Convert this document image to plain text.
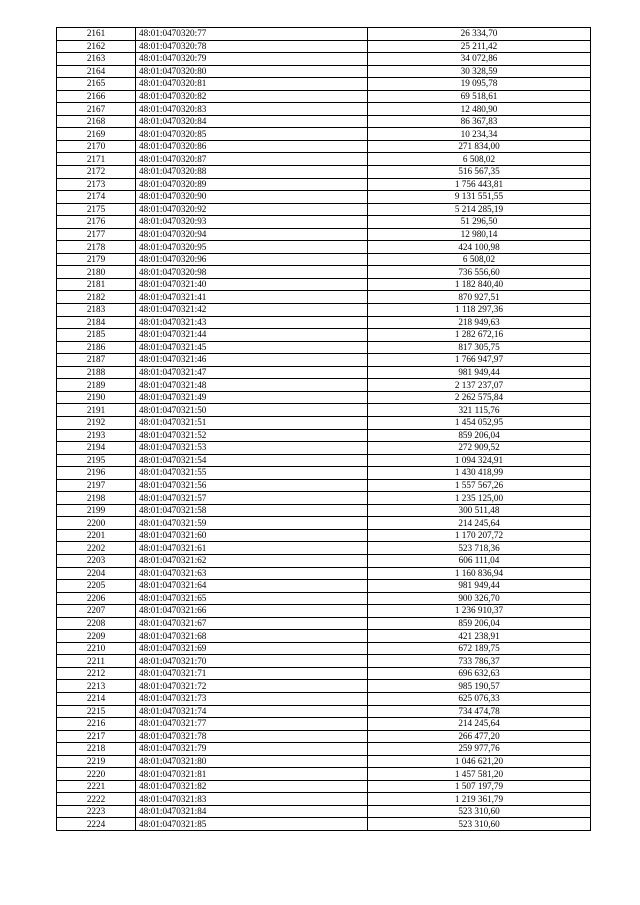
2161	48:01:0470320:77	26 334,70
2162	48:01:0470320:78	25 211,42
2163	48:01:0470320:79	34 072,86
2164	48:01:0470320:80	30 328,59
2165	48:01:0470320:81	19 095,78
2166	48:01:0470320:82	69 518,61
2167	48:01:0470320:83	12 480,90
2168	48:01:0470320:84	86 367,83
2169	48:01:0470320:85	10 234,34
2170	48:01:0470320:86	271 834,00
2171	48:01:0470320:87	6 508,02
2172	48:01:0470320:88	516 567,35
2173	48:01:0470320:89	1 756 443,81
2174	48:01:0470320:90	9 131 551,55
2175	48:01:0470320:92	5 214 285,19
2176	48:01:0470320:93	51 296,50
2177	48:01:0470320:94	12 980,14
2178	48:01:0470320:95	424 100,98
2179	48:01:0470320:96	6 508,02
2180	48:01:0470320:98	736 556,60
2181	48:01:0470321:40	1 182 840,40
2182	48:01:0470321:41	870 927,51
2183	48:01:0470321:42	1 118 297,36
2184	48:01:0470321:43	218 949,63
2185	48:01:0470321:44	1 282 672,16
2186	48:01:0470321:45	817 305,75
2187	48:01:0470321:46	1 766 947,97
2188	48:01:0470321:47	981 949,44
2189	48:01:0470321:48	2 137 237,07
2190	48:01:0470321:49	2 262 575,84
2191	48:01:0470321:50	321 115,76
2192	48:01:0470321:51	1 454 052,95
2193	48:01:0470321:52	859 206,04
2194	48:01:0470321:53	272 909,52
2195	48:01:0470321:54	1 094 324,91
2196	48:01:0470321:55	1 430 418,99
2197	48:01:0470321:56	1 557 567,26
2198	48:01:0470321:57	1 235 125,00
2199	48:01:0470321:58	300 511,48
2200	48:01:0470321:59	214 245,64
2201	48:01:0470321:60	1 170 207,72
2202	48:01:0470321:61	523 718,36
2203	48:01:0470321:62	606 111,04
2204	48:01:0470321:63	1 160 836,94
2205	48:01:0470321:64	981 949,44
2206	48:01:0470321:65	900 326,70
2207	48:01:0470321:66	1 236 910,37
2208	48:01:0470321:67	859 206,04
2209	48:01:0470321:68	421 238,91
2210	48:01:0470321:69	672 189,75
2211	48:01:0470321:70	733 786,37
2212	48:01:0470321:71	696 632,63
2213	48:01:0470321:72	985 190,57
2214	48:01:0470321:73	625 076,33
2215	48:01:0470321:74	734 474,78
2216	48:01:0470321:77	214 245,64
2217	48:01:0470321:78	266 477,20
2218	48:01:0470321:79	259 977,76
2219	48:01:0470321:80	1 046 621,20
2220	48:01:0470321:81	1 457 581,20
2221	48:01:0470321:82	1 507 197,79
2222	48:01:0470321:83	1 219 361,79
2223	48:01:0470321:84	523 310,60
2224	48:01:0470321:85	523 310,60
